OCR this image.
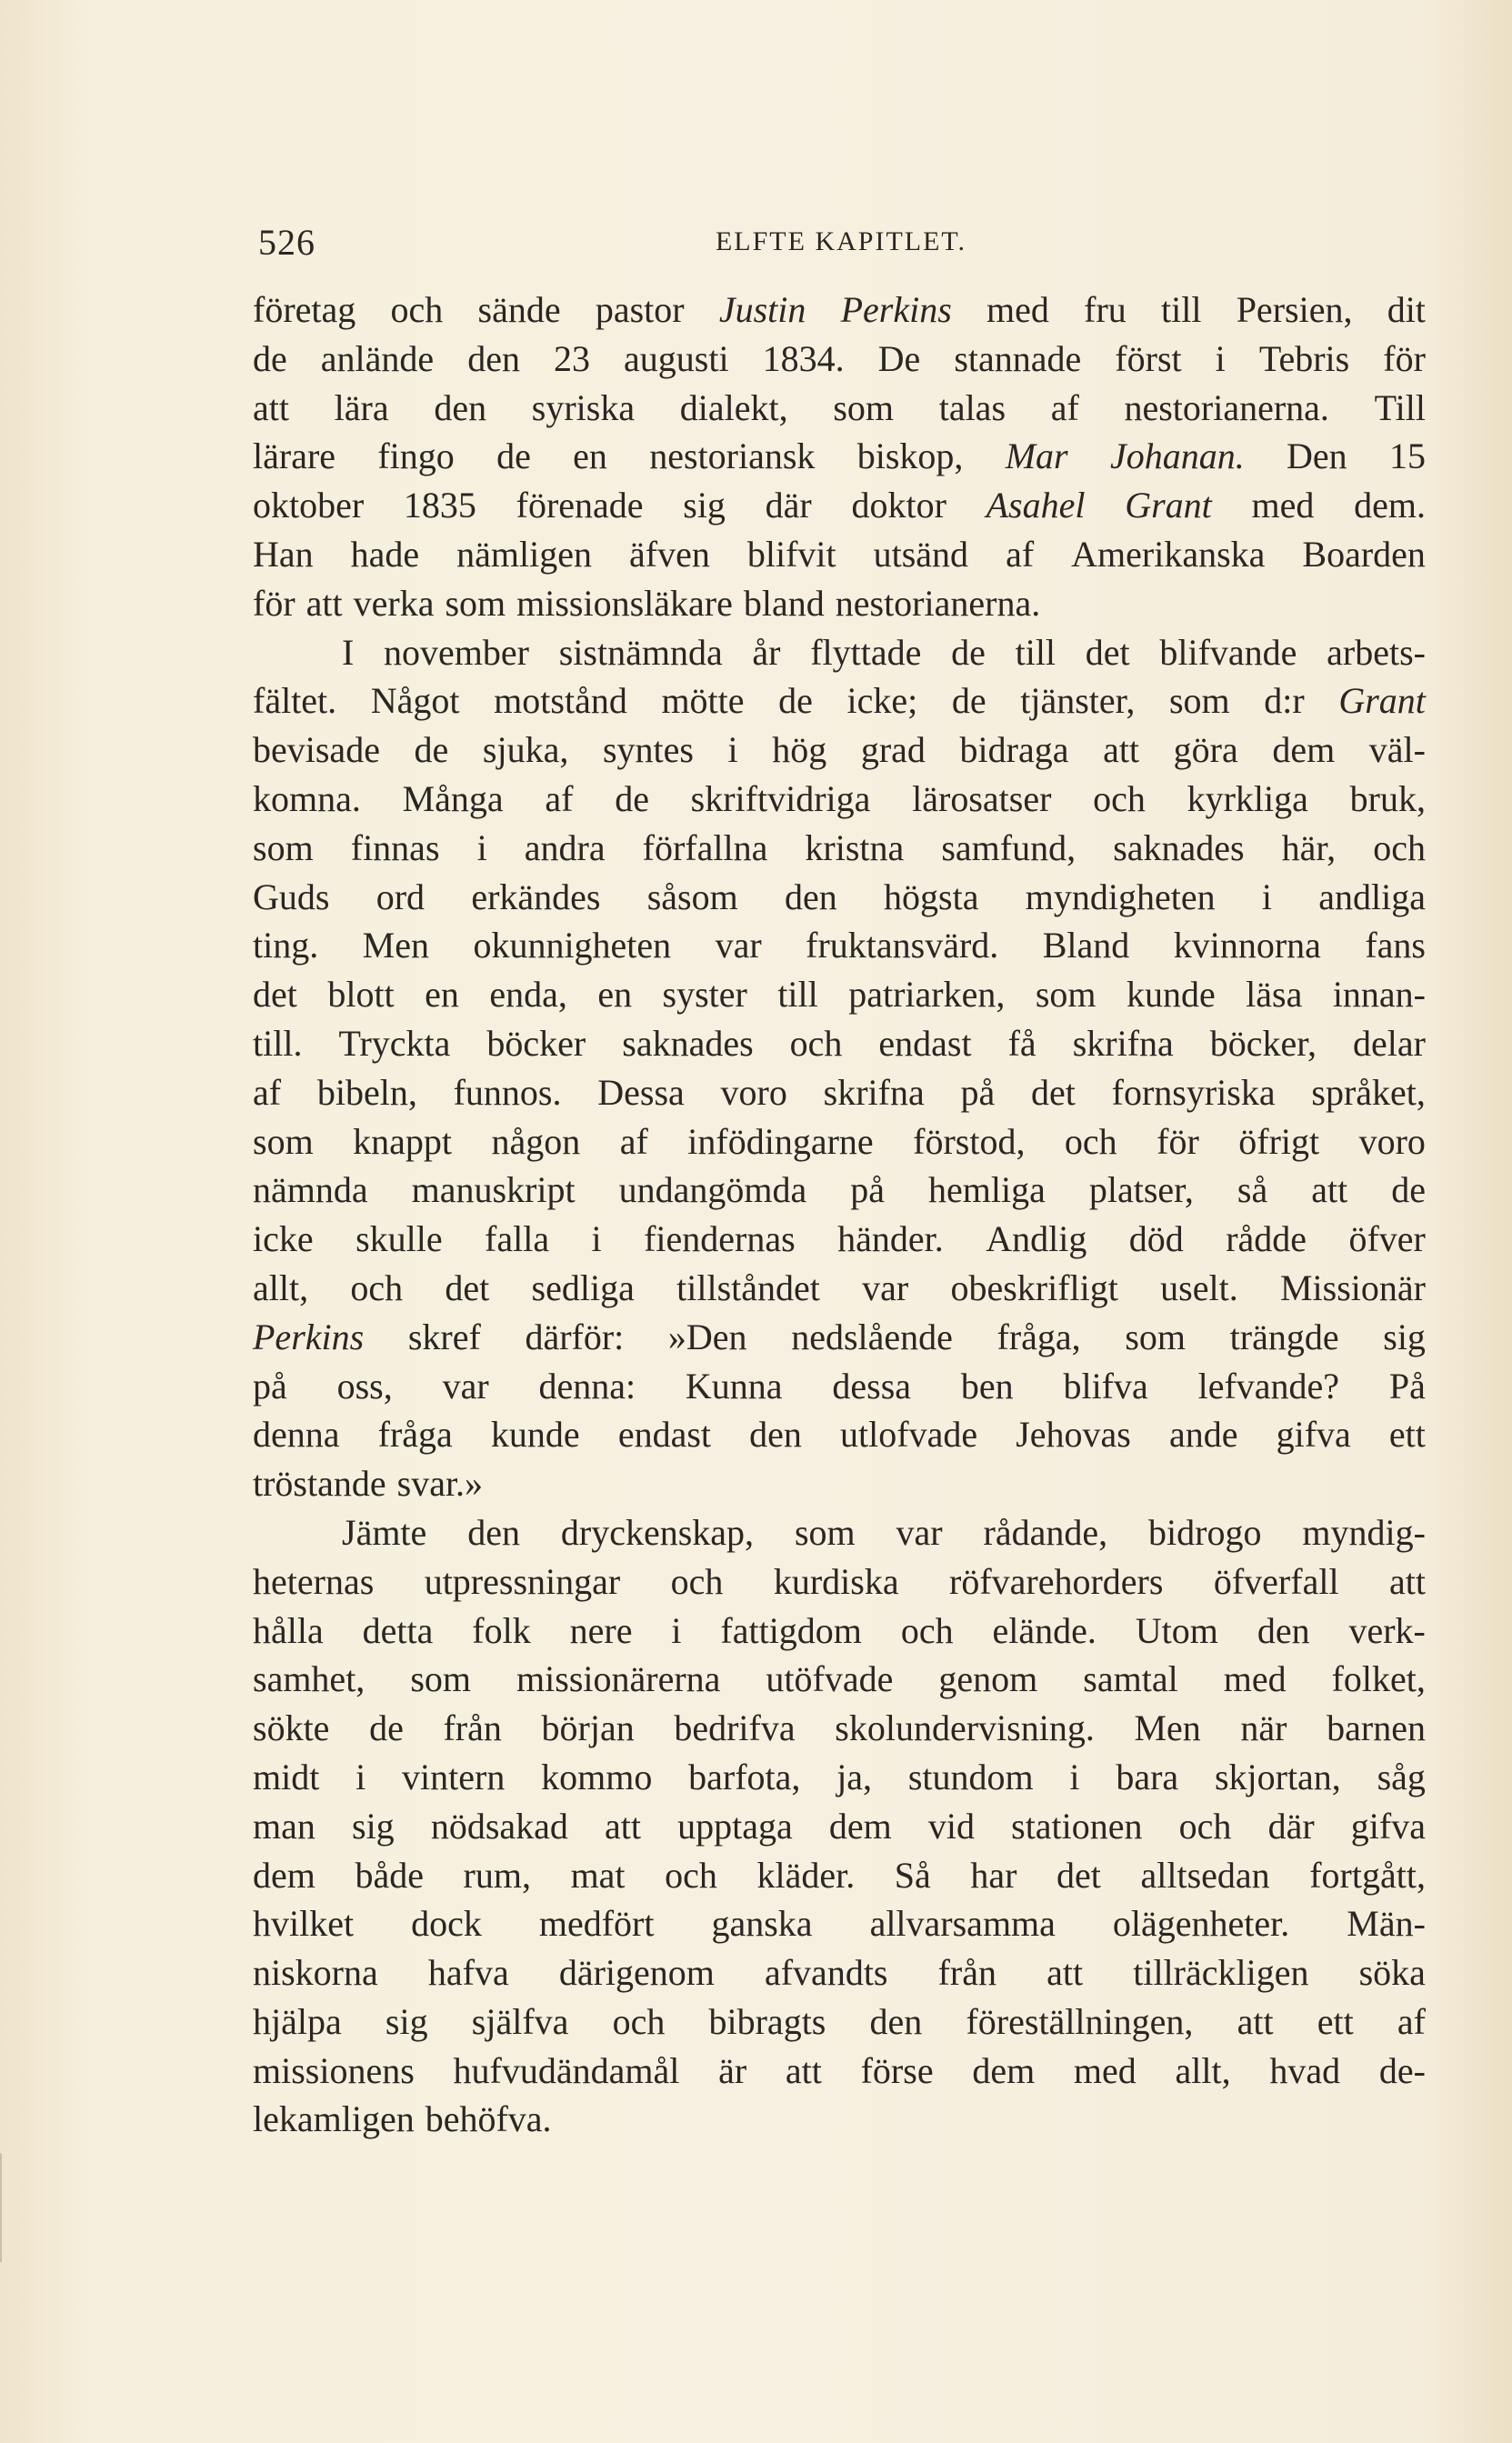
526	ELFTE KAPITLET.
företag och sände pastor Justin Perkins med fru till Persien, dit
de anlände den 23 augusti 1834. De stannade först i Tebris för
att lära den syriska dialekt, som talas af nestorianerna. Till
lärare fingo de en nestoriansk biskop, Mar Johanan. Den 15
oktober 1835 förenade sig där doktor Asahel Grant med dem.
Han hade nämligen äfven blifvit utsänd af Amerikanska Boarden
för att verka som missionsläkare bland nestorianerna.
I november sistnämnda år flyttade de till det blifvande arbets-
fältet. Något motstånd mötte de icke; de tjänster, som d:r Grant
bevisade de sjuka, syntes i hög grad bidraga att göra dem väl-
komna. Många af de skriftvidriga lärosatser och kyrkliga bruk,
som finnas i andra förfallna kristna samfund, saknades här, och
Guds ord erkändes såsom den högsta myndigheten i andliga
ting. Men okunnigheten var fruktansvärd. Bland kvinnorna fans
det blott en enda, en syster till patriarken, som kunde läsa innan-
till. Tryckta böcker saknades och endast få skrifna böcker, delar
af bibeln, funnos. Dessa voro skrifna på det fornsyriska språket,
som knappt någon af infödingarne förstod, och för öfrigt voro
nämnda manuskript undangömda på hemliga platser, så att de
icke skulle falla i fiendernas händer. Andlig död rådde öfver
allt, och det sedliga tillståndet var obeskrifligt uselt. Missionär
Perkins skref därför: »Den nedslående fråga, som trängde sig
på oss, var denna: Kunna dessa ben blifva lefvande? På
denna fråga kunde endast den utlofvade Jehovas ande gifva ett
tröstande svar.»
Jämte den dryckenskap, som var rådande, bidrogo myndig-
heternas utpressningar och kurdiska röfvarehorders öfverfall att
hålla detta folk nere i fattigdom och elände. Utom den verk-
samhet, som missionärerna utöfvade genom samtal med folket,
sökte de från början bedrifva skolundervisning. Men när barnen
midt i vintern kommo barfota, ja, stundom i bara skjortan, såg
man sig nödsakad att upptaga dem vid stationen och där gifva
dem både rum, mat och kläder. Så har det alltsedan fortgått,
hvilket dock medfört ganska allvarsamma olägenheter. Män-
niskorna hafva därigenom afvandts från att tillräckligen söka
hjälpa sig själfva och bibragts den föreställningen, att ett af
missionens hufvudändamål är att förse dem med allt, hvad de-
lekamligen behöfva.
